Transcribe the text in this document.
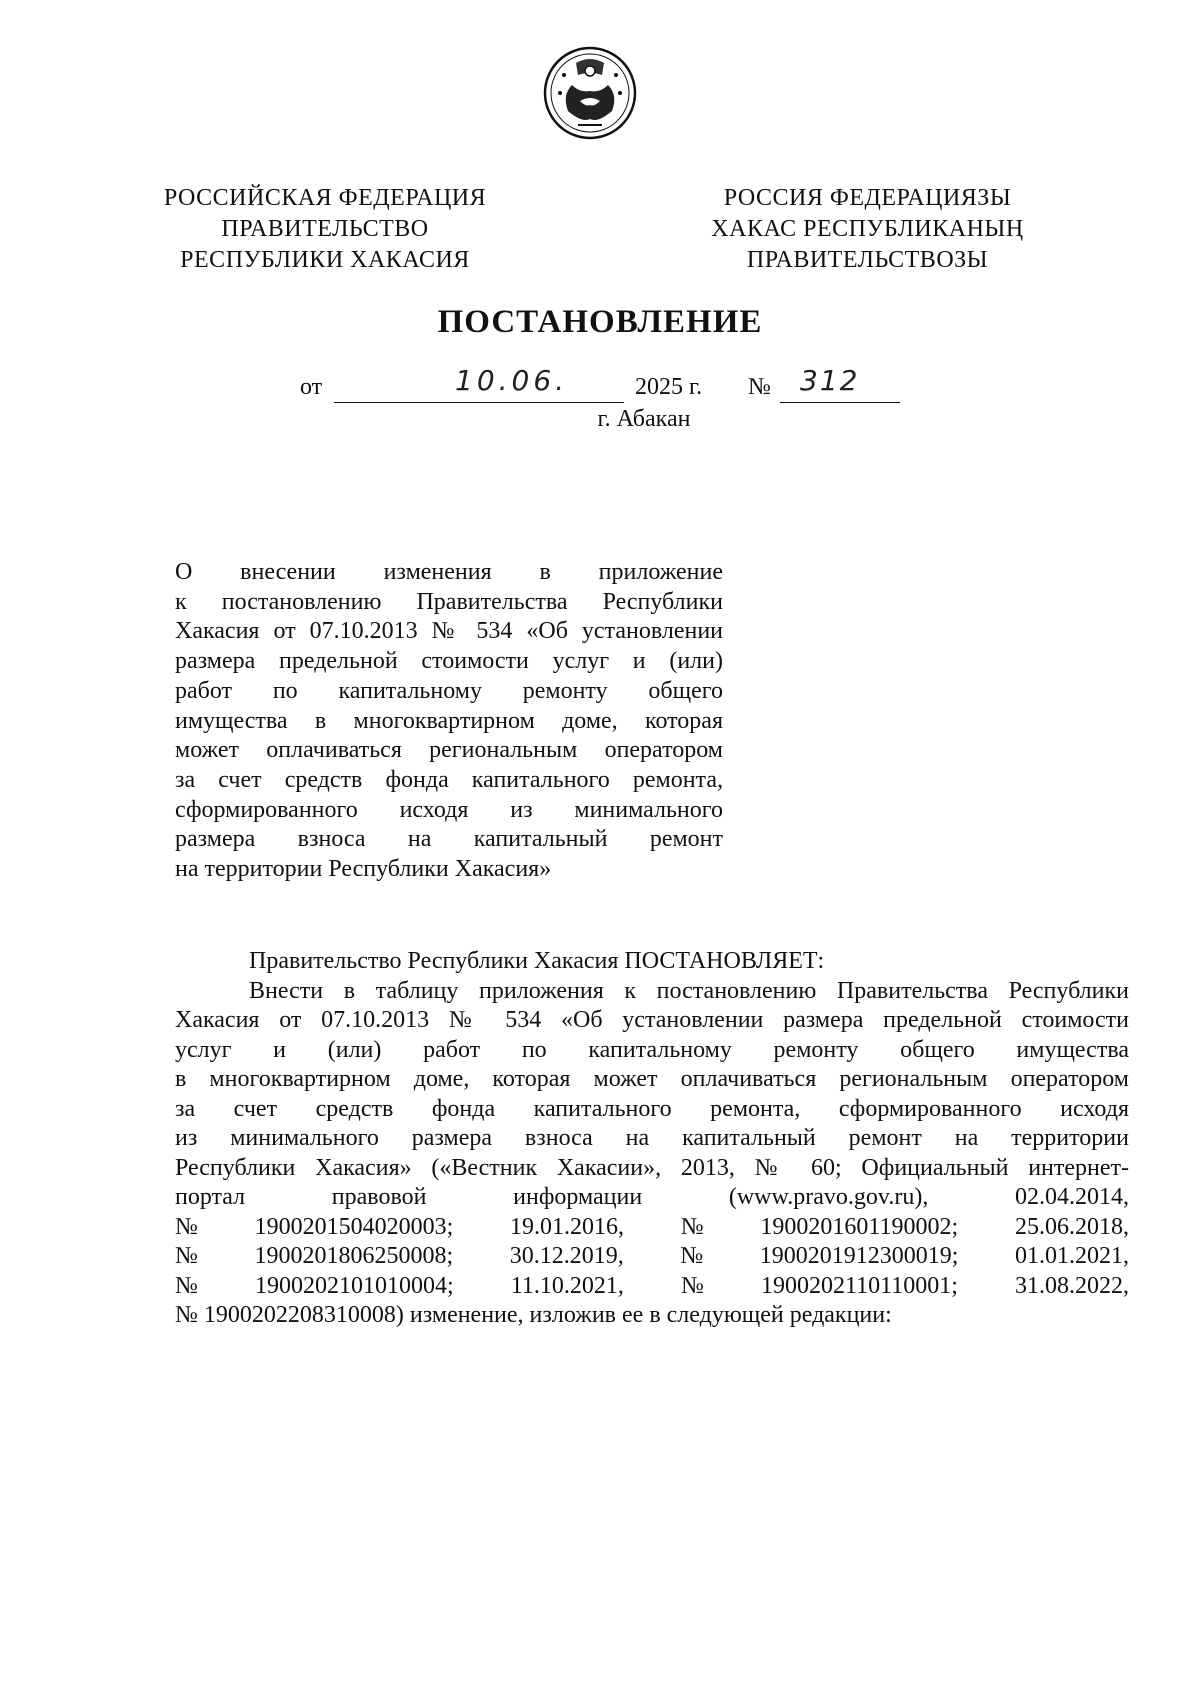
РОССИЙСКАЯ ФЕДЕРАЦИЯ
ПРАВИТЕЛЬСТВО
РЕСПУБЛИКИ ХАКАСИЯ
РОССИЯ ФЕДЕРАЦИЯЗЫ
ХАКАС РЕСПУБЛИКАНЫҢ
ПРАВИТЕЛЬСТВОЗЫ
ПОСТАНОВЛЕНИЕ
от	10.06.	2025 г. № 312
г. Абакан
О внесении изменения в приложение
к постановлению Правительства Республики
Хакасия от 07.10.2013 № 534 «Об установлении
размера предельной стоимости услуг и (или)
работ по капитальному ремонту общего
имущества в многоквартирном доме, которая
может оплачиваться региональным оператором
за счет средств фонда капитального ремонта,
сформированного исходя из минимального
размера взноса на капитальный ремонт
на территории Республики Хакасия»
Правительство Республики Хакасия ПОСТАНОВЛЯЕТ:
Внести в таблицу приложения к постановлению Правительства Республики
Хакасия от 07.10.2013 № 534 «Об установлении размера предельной стоимости
услуг и (или) работ по капитальному ремонту общего имущества
в многоквартирном доме, которая может оплачиваться региональным оператором
за счет средств фонда капитального ремонта, сформированного исходя
из минимального размера взноса на капитальный ремонт на территории
Республики Хакасия» («Вестник Хакасии», 2013, № 60; Официальный интернет-
портал	правовой	информации	(www.pravo.gov.ru),	02.04.2014,
№ 1900201504020003; 19.01.2016, № 1900201601190002; 25.06.2018,
№ 1900201806250008; 30.12.2019, № 1900201912300019; 01.01.2021,
№ 1900202101010004; 11.10.2021, № 1900202110110001; 31.08.2022,
№ 1900202208310008) изменение, изложив ее в следующей редакции:
